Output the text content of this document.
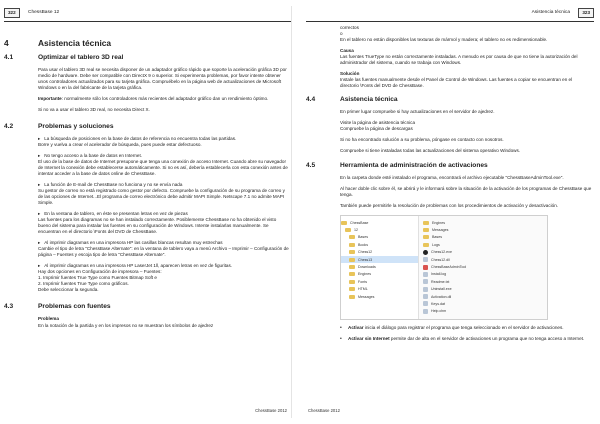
322	ChessBase 12
4	Asistencia técnica
4.1	Optimizar el tablero 3D real
Para usar el tablero 3D real se necesita disponer de un adaptador gráfico rápido que soporte la aceleración gráfica 3D por medio de hardware. Debe ser compatible con DirectX 9 o superior. Si experimenta problemas, por favor intente obtener unos controladores actualizados para su tarjeta gráfica. Compruébelo en la página web de actualizaciones de Microsoft Windows o en la del fabricante de la tarjeta gráfica.
Importante: normalmente sólo los controladores más recientes del adaptador gráfico dan un rendimiento óptimo.
Si no va a usar el tablero 3D real, no necesita Direct X.
4.2	Problemas y soluciones
▸ La búsqueda de posiciones en la base de datos de referencia no encuentra todas las partidas.
Borre y vuelva a crear el acelerador de búsqueda, pues puede estar defectuoso.
▸ No tengo acceso a la base de datos en Internet.
El uso de la base de datos de Internet presupone que tenga una conexión de acceso Internet. Cuando abre su navegador de Internet la conexión debe establecerse automáticamente. Si no es así, debería establecerla con esta conexión antes de intentar acceder a la base de datos online de ChessBase.
▸ La función de E-mail de ChessBase no funciona y no se envía nada
Su gestor de correo no está registrado como gestor por defecto. Compruebe la configuración de su programa de correo y de las opciones de Internet...El programa de correo electrónico debe admitir MAPI Simple. Netscape 7.1 no admite MAPI Simple.
▸ En la ventana de tablero, en éste se presentan letras en vez de piezas
Las fuentes para los diagramas no se han instalado correctamente. Posiblemente ChessBase no ha obtenido el visto bueno del sistema para instalar las fuentes en su configuración de Windows. Intente instalarlas manualmente. Se encuentran en el directorio \Fonts del DVD de ChessBase.
▸ Al imprimir diagramas en una impresora HP las casillas blancas resultan muy estrechas
Cambie el tipo de letra "ChessBase Alternate": en la ventana de tablero vaya a menú Archivo – Imprimir – Configuración de página – Fuentes y escoja tipo de letra "ChessBase Alternate".
▸ Al imprimir diagramas en una impresora HP LaserJet 1ll, aparecen letras en vez de figuritas.
Hay dos opciones en Configuración de impresora – Fuentes:
1. Imprimir fuentes True Type como Fuentes Bitmap Soft e
2. Imprimir fuentes True Type como gráficos.
Debe seleccionar la segunda.
4.3	Problemas con fuentes
Problema
En la notación de la partida y en los impresos no se muestran los símbolos de ajedrez
ChessBase 2012
Asistencia técnica	323
correctos
o
En el tablero no están disponibles las texturas de mármol y madera; el tablero no es redimensionable.
Causa
Las fuentes TrueType no están correctamente instaladas. A menudo es por causa de que no tiene la autorización del administrador del sistema, cuando se trabaja con Windows.
Solución
Instale las fuentes manualmente desde el Panel de Control de Windows. Las fuentes a copiar se encuentran en el directorio \Fonts del DVD de ChessBase.
4.4	Asistencia técnica
En primer lugar compruebe si hay actualizaciones en el servidor de ajedrez.
Visite la página de asistencia técnica
Compruebe la página de descargas
Si no ha encontrado solución a su problema, póngase en contacto con nosotros.
Compruebe si tiene instaladas todas las actualizaciones del sistema operativo Windows.
4.5	Herramienta de administración de activaciones
En la carpeta donde esté instalado el programa, encontrará el archivo ejecutable "ChessBaseAdminTool.exe".
Al hacer doble clic sobre él, se abrirá y le informará sobre la situación de la activación de los programas de ChessBase que tenga.
También puede permitirle la resolución de problemas con los procedimientos de activación y desactivación.
ChessBase
12
Bases
Books
Chess12
Chess13
Downloads
Engines
Fonts
HTML
Messages
Engines
Messages
Bases
Logs
Chess12.exe
Chess12.dll
ChessBaseAdminTool
Install.log
Readme.txt
Uninstall.exe
Activation.dll
Keys.dat
Help.chm
•	Activar inicia el diálogo para registrar el programa que tenga seleccionado en el servidor de activaciones.
•	Activar sin Internet permite dar de alta en el servidor de activaciones un programa que no tenga acceso a Internet.
ChessBase 2012
